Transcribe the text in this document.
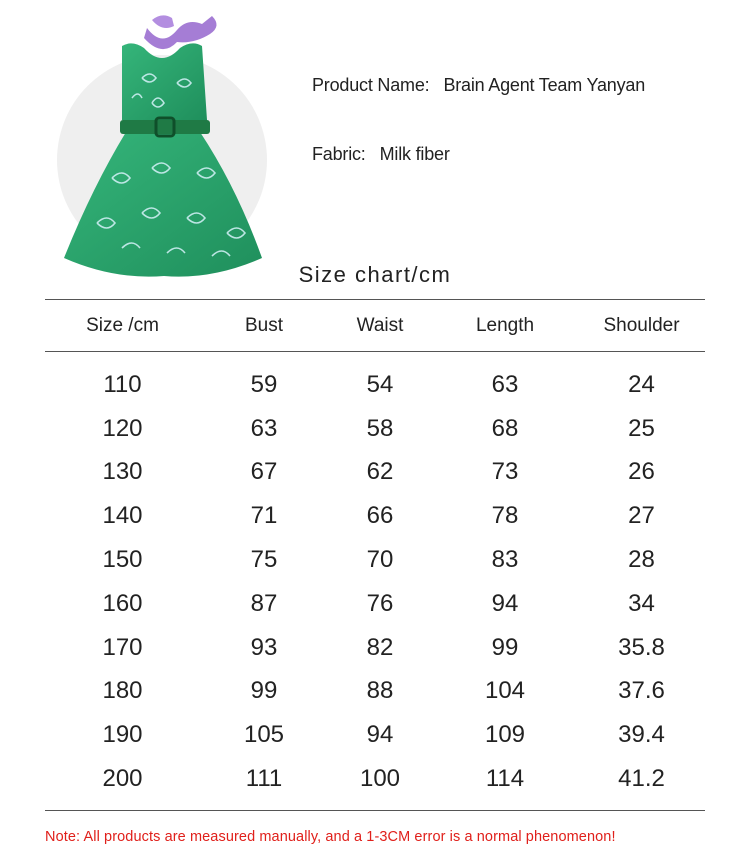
Product Name: Brain Agent Team Yanyan
Fabric: Milk fiber
Size chart/cm
Size /cm	Bust	Waist	Length	Shoulder
110	59	54	63	24
120	63	58	68	25
130	67	62	73	26
140	71	66	78	27
150	75	70	83	28
160	87	76	94	34
170	93	82	99	35.8
180	99	88	104	37.6
190	105	94	109	39.4
200	111	100	114	41.2
Note: All products are measured manually, and a 1-3CM error is a normal phenomenon!
